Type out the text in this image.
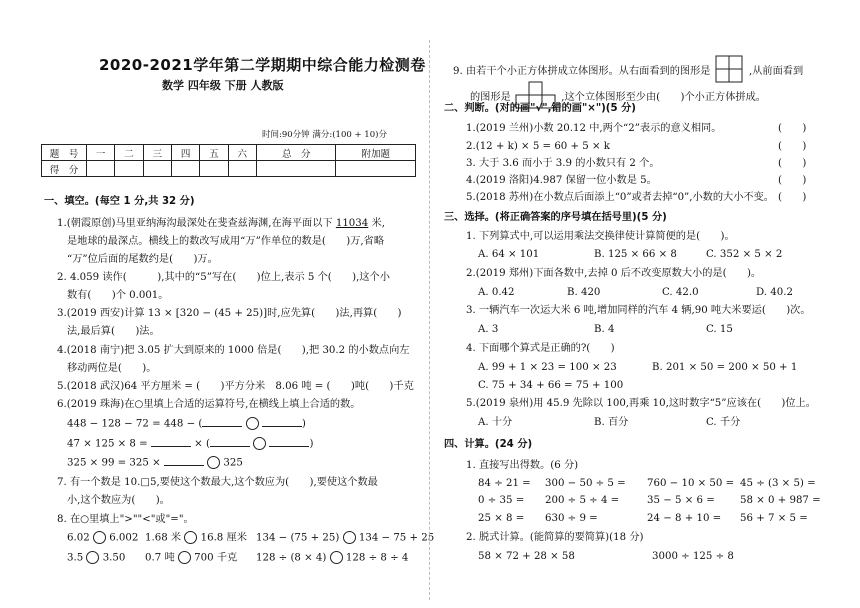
2020-2021学年第二学期期中综合能力检测卷
数学 四年级 下册 人教版
时间:90分钟 满分:(100 + 10)分
题　号	一	二	三	四	五	六	总　分	附加题
得　分								
一、填空。(每空 1 分,共 32 分)
1.(朝霞原创)马里亚纳海沟最深处在斐查兹海渊,在海平面以下 11034 米,
是地球的最深点。横线上的数改写成用“万”作单位的数是(　　)万,省略
“万”位后面的尾数约是(　　)万。
2. 4.059 读作(　　　),其中的“5”写在(　　)位上,表示 5 个(　　),这个小
数有(　　)个 0.001。
3.(2019 西安)计算 13 × [320 − (45 + 25)]时,应先算(　　)法,再算(　　)
法,最后算(　　)法。
4.(2018 南宁)把 3.05 扩大到原来的 1000 倍是(　　),把 30.2 的小数点向左
移动两位是(　　)。
5.(2018 武汉)64 平方厘米 = (　　)平方分米　8.06 吨 = (　　)吨(　　)千克
6.(2019 珠海)在○里填上合适的运算符号,在横线上填上合适的数。
448 − 128 − 72 = 448 − (	)
47 × 125 × 8 =	× (	)
325 × 99 = 325 ×	325
7. 有一个数是 10.□5,要使这个数最大,这个数应为(　　),要使这个数最
小,这个数应为(　　)。
8. 在○里填上">""<"或"="。
6.02 6.002 1.68 米 16.8 厘米 134 − (75 + 25) 134 − 75 + 25
3.5 3.50 0.7 吨 700 千克 128 ÷ (8 × 4) 128 ÷ 8 ÷ 4
9. 由若干个小正方体拼成立体图形。从右面看到的图形是	,从前面看到
的图形是	,这个立体图形至少由(　　)个小正方体拼成。
二、判断。(对的画"√",错的画"×")(5 分)
1.(2019 兰州)小数 20.12 中,两个“2”表示的意义相同。	(　　)
2.(12 + k) × 5 = 60 + 5 × k	(　　)
3. 大于 3.6 而小于 3.9 的小数只有 2 个。	(　　)
4.(2019 洛阳)4.987 保留一位小数是 5。	(　　)
5.(2018 苏州)在小数点后面添上“0”或者去掉“0”,小数的大小不变。 (　　)
三、选择。(将正确答案的序号填在括号里)(5 分)
1. 下列算式中,可以运用乘法交换律使计算简便的是(　　)。
A. 64 × 101	B. 125 × 66 × 8	C. 352 × 5 × 2
2.(2019 郑州)下面各数中,去掉 0 后不改变原数大小的是(　　)。
A. 0.42	B. 420	C. 42.0	D. 40.2
3. 一辆汽车一次运大米 6 吨,增加同样的汽车 4 辆,90 吨大米要运(　　)次。
A. 3	B. 4	C. 15
4. 下面哪个算式是正确的?(　　)
A. 99 + 1 × 23 = 100 × 23	B. 201 × 50 = 200 × 50 + 1
C. 75 + 34 + 66 = 75 + 100
5.(2019 泉州)用 45.9 先除以 100,再乘 10,这时数字“5”应该在(　　)位上。
A. 十分	B. 百分	C. 千分
四、计算。(24 分)
1. 直接写出得数。(6 分)
84 ÷ 21 = 300 − 50 ÷ 5 = 760 − 10 × 50 = 45 ÷ (3 × 5) =
0 ÷ 35 = 200 ÷ 5 ÷ 4 =	35 − 5 × 6 = 58 × 0 + 987 =
25 × 8 = 630 ÷ 9 =	24 − 8 + 10 = 56 + 7 × 5 =
2. 脱式计算。(能简算的要简算)(18 分)
58 × 72 + 28 × 58	3000 ÷ 125 ÷ 8
